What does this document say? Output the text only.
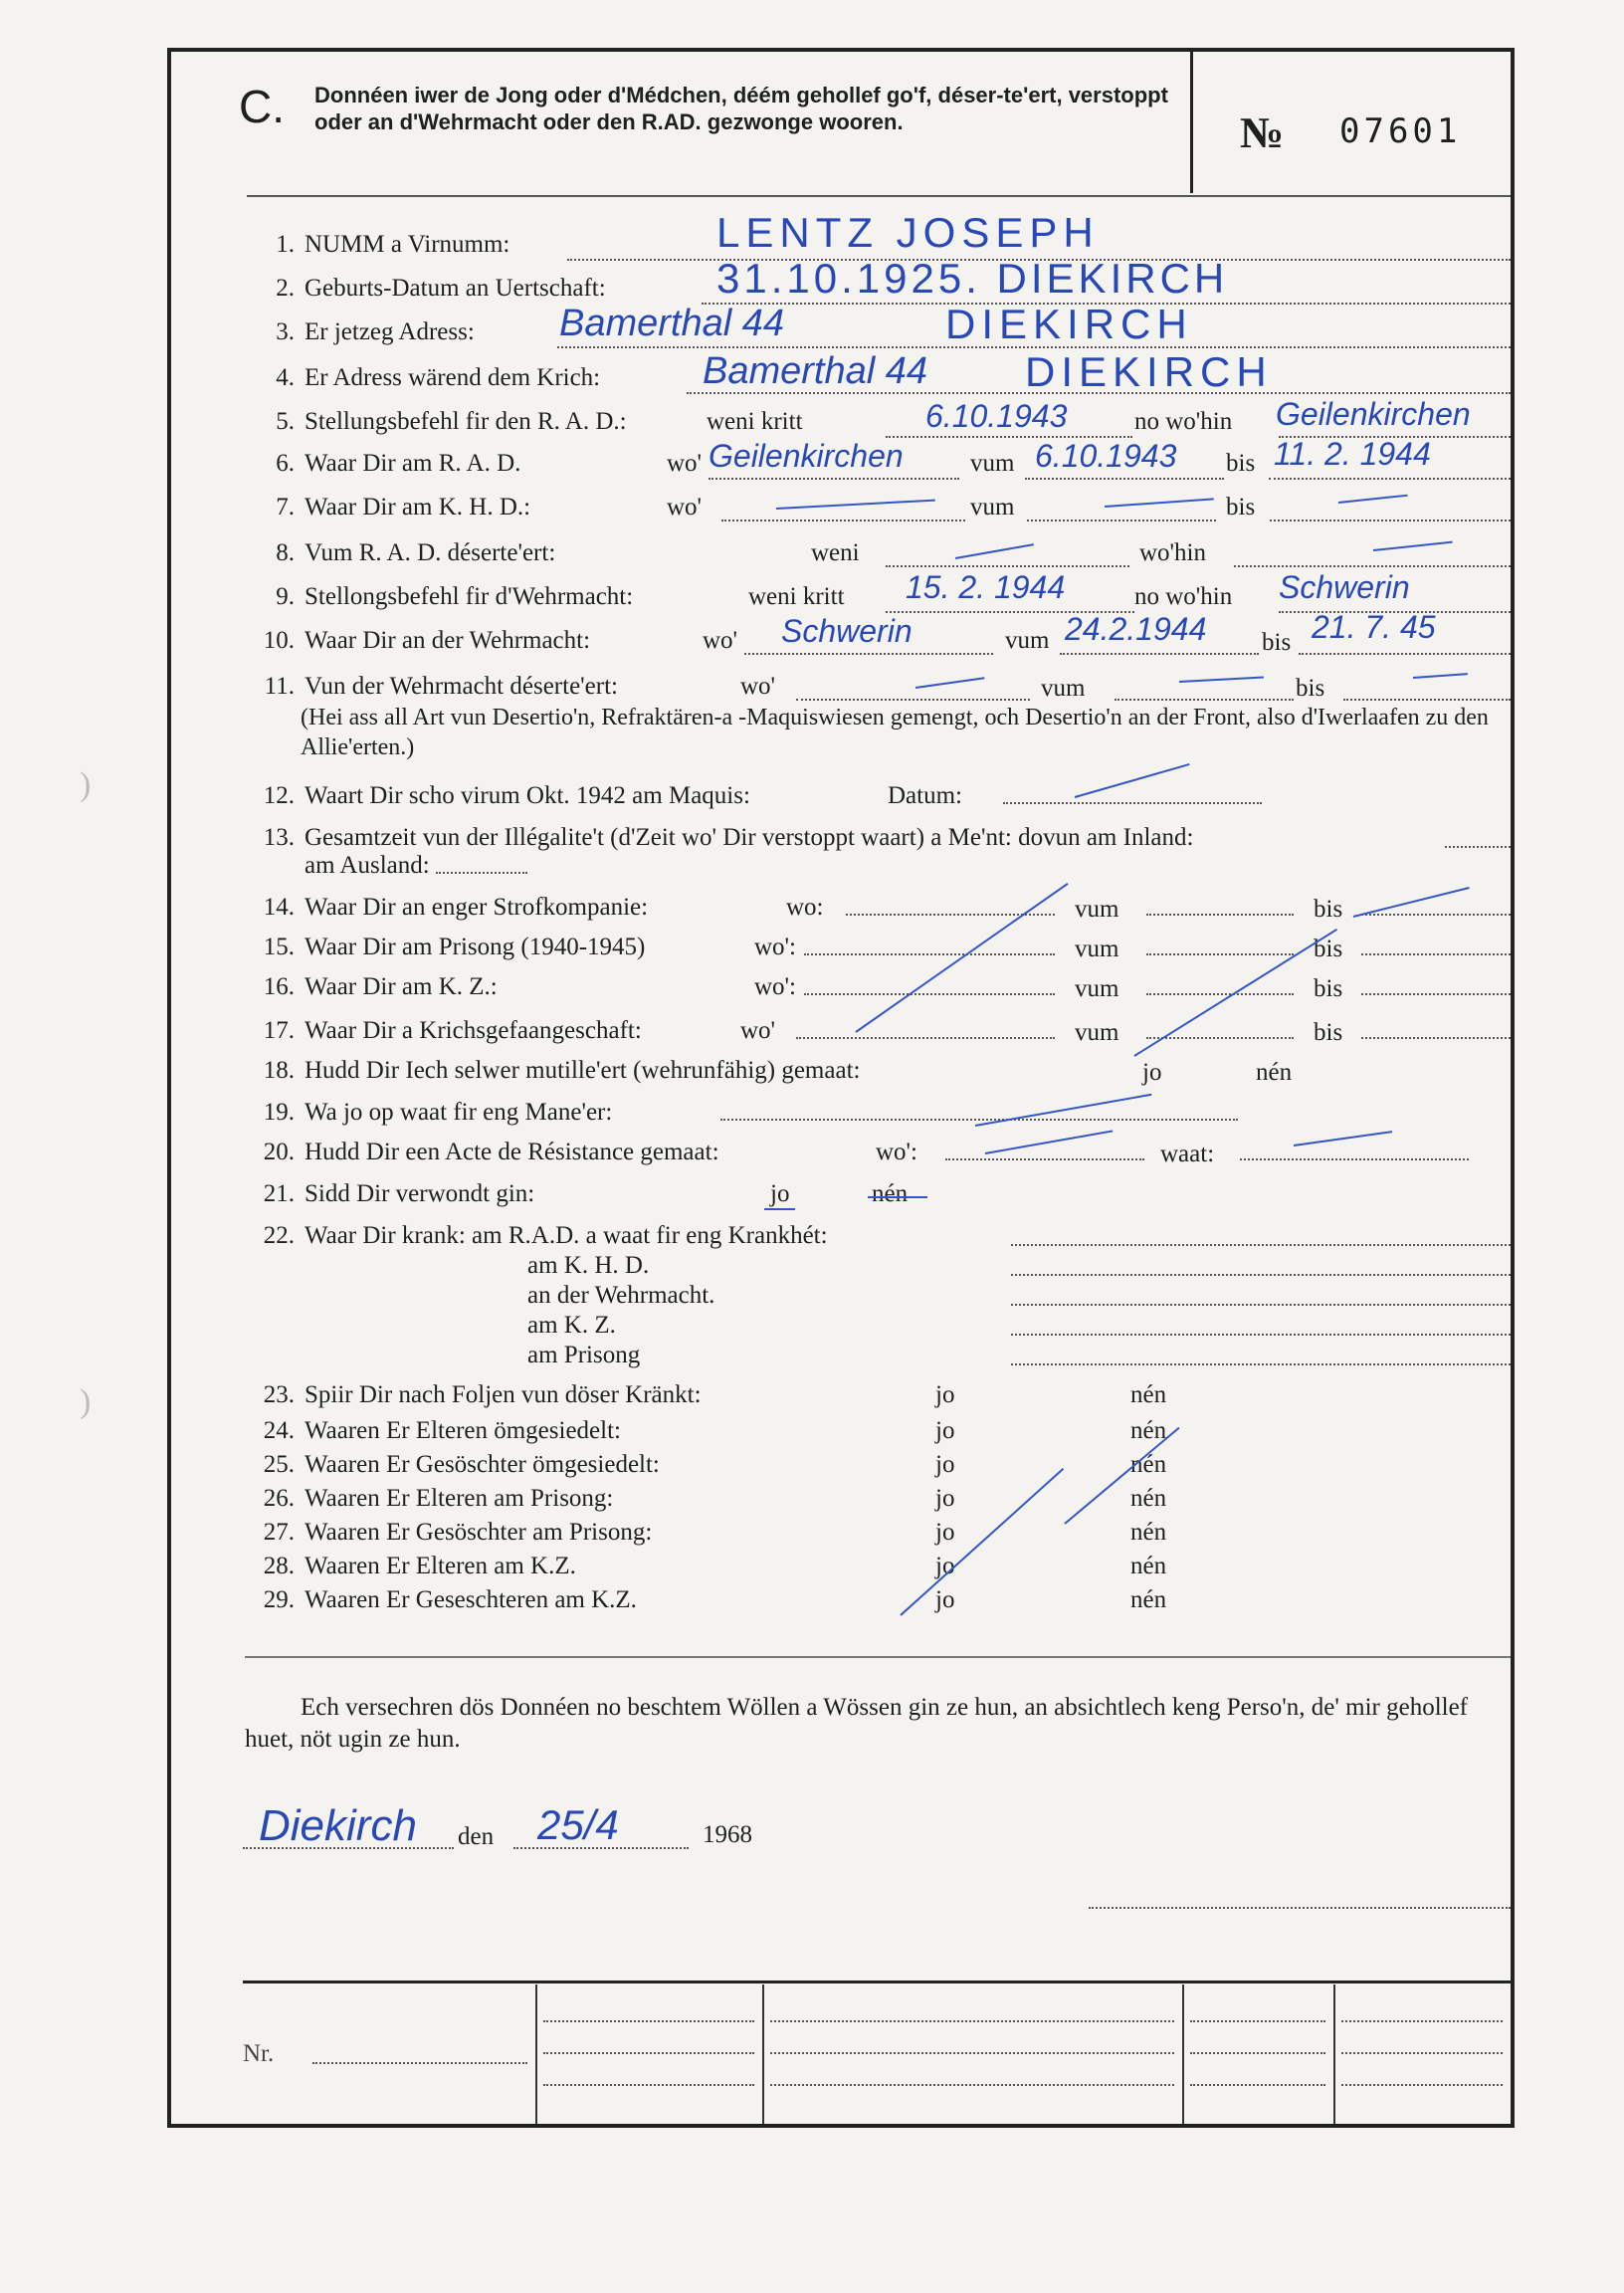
)
)
C. Donnéen iwer de Jong oder d'Médchen, déém gehollef go'f, déser-te'ert, verstoppt oder an d'Wehrmacht oder den R.AD. gezwonge wooren.	№ 07601
1. NUMM a Virnumm:	LENTZ JOSEPH
2. Geburts-Datum an Uertschaft:	31.10.1925. DIEKIRCH
3. Er jetzeg Adress: Bamerthal 44	DIEKIRCH
4. Er Adress wärend dem Krich:	Bamerthal 44 DIEKIRCH
5. Stellungsbefehl fir den R. A. D.:	weni kritt	6.10.1943	no wo'hin Geilenkirchen
6. Waar Dir am R. A. D.	wo' Geilenkirchen	vum 6.10.1943 bis 11. 2. 1944
7. Waar Dir am K. H. D.:	wo'	vum	bis
8. Vum R. A. D. déserte'ert:	weni	wo'hin
9. Stellongsbefehl fir d'Wehrmacht:	weni kritt 15. 2. 1944	no wo'hin Schwerin
10. Waar Dir an der Wehrmacht:	wo' Schwerin	vum 24.2.1944 bis 21. 7. 45
11. Vun der Wehrmacht déserte'ert:	wo'	vum	bis
(Hei ass all Art vun Desertio'n, Refraktären-a -Maquiswiesen gemengt, och Desertio'n an der Front, also d'Iwerlaafen zu den Allie'erten.)
12. Waart Dir scho virum Okt. 1942 am Maquis:	Datum:
13. Gesamtzeit vun der Illégalite't (d'Zeit wo' Dir verstoppt waart) a Me'nt: dovun am Inland:
am Ausland:
14. Waar Dir an enger Strofkompanie:	wo:	vum	bis
15. Waar Dir am Prisong (1940-1945)	wo':	vum	bis
16. Waar Dir am K. Z.:	wo':	vum	bis
17. Waar Dir a Krichsgefaangeschaft:	wo'	vum	bis
18. Hudd Dir Iech selwer mutille'ert (wehrunfähig) gemaat:	jo	nén
19. Wa jo op waat fir eng Mane'er:
20. Hudd Dir een Acte de Résistance gemaat:	wo':	waat:
21. Sidd Dir verwondt gin:	jo	nén
22. Waar Dir krank: am R.A.D. a waat fir eng Krankhét:
am K. H. D.
an der Wehrmacht.
am K. Z.
am Prisong
23. Spiir Dir nach Foljen vun döser Kränkt:	jo	nén
24. Waaren Er Elteren ömgesiedelt:	jo	nén
25. Waaren Er Gesöschter ömgesiedelt:	jo	nén
26. Waaren Er Elteren am Prisong:	jo	nén
27. Waaren Er Gesöschter am Prisong:	jo	nén
28. Waaren Er Elteren am K.Z.	jo	nén
29. Waaren Er Geseschteren am K.Z.	jo	nén
Ech versechren dös Donnéen no beschtem Wöllen a Wössen gin ze hun, an absichtlech keng Perso'n, de' mir gehollef huet, nöt ugin ze hun.
Diekirch den 25/4	1968
Nr.
